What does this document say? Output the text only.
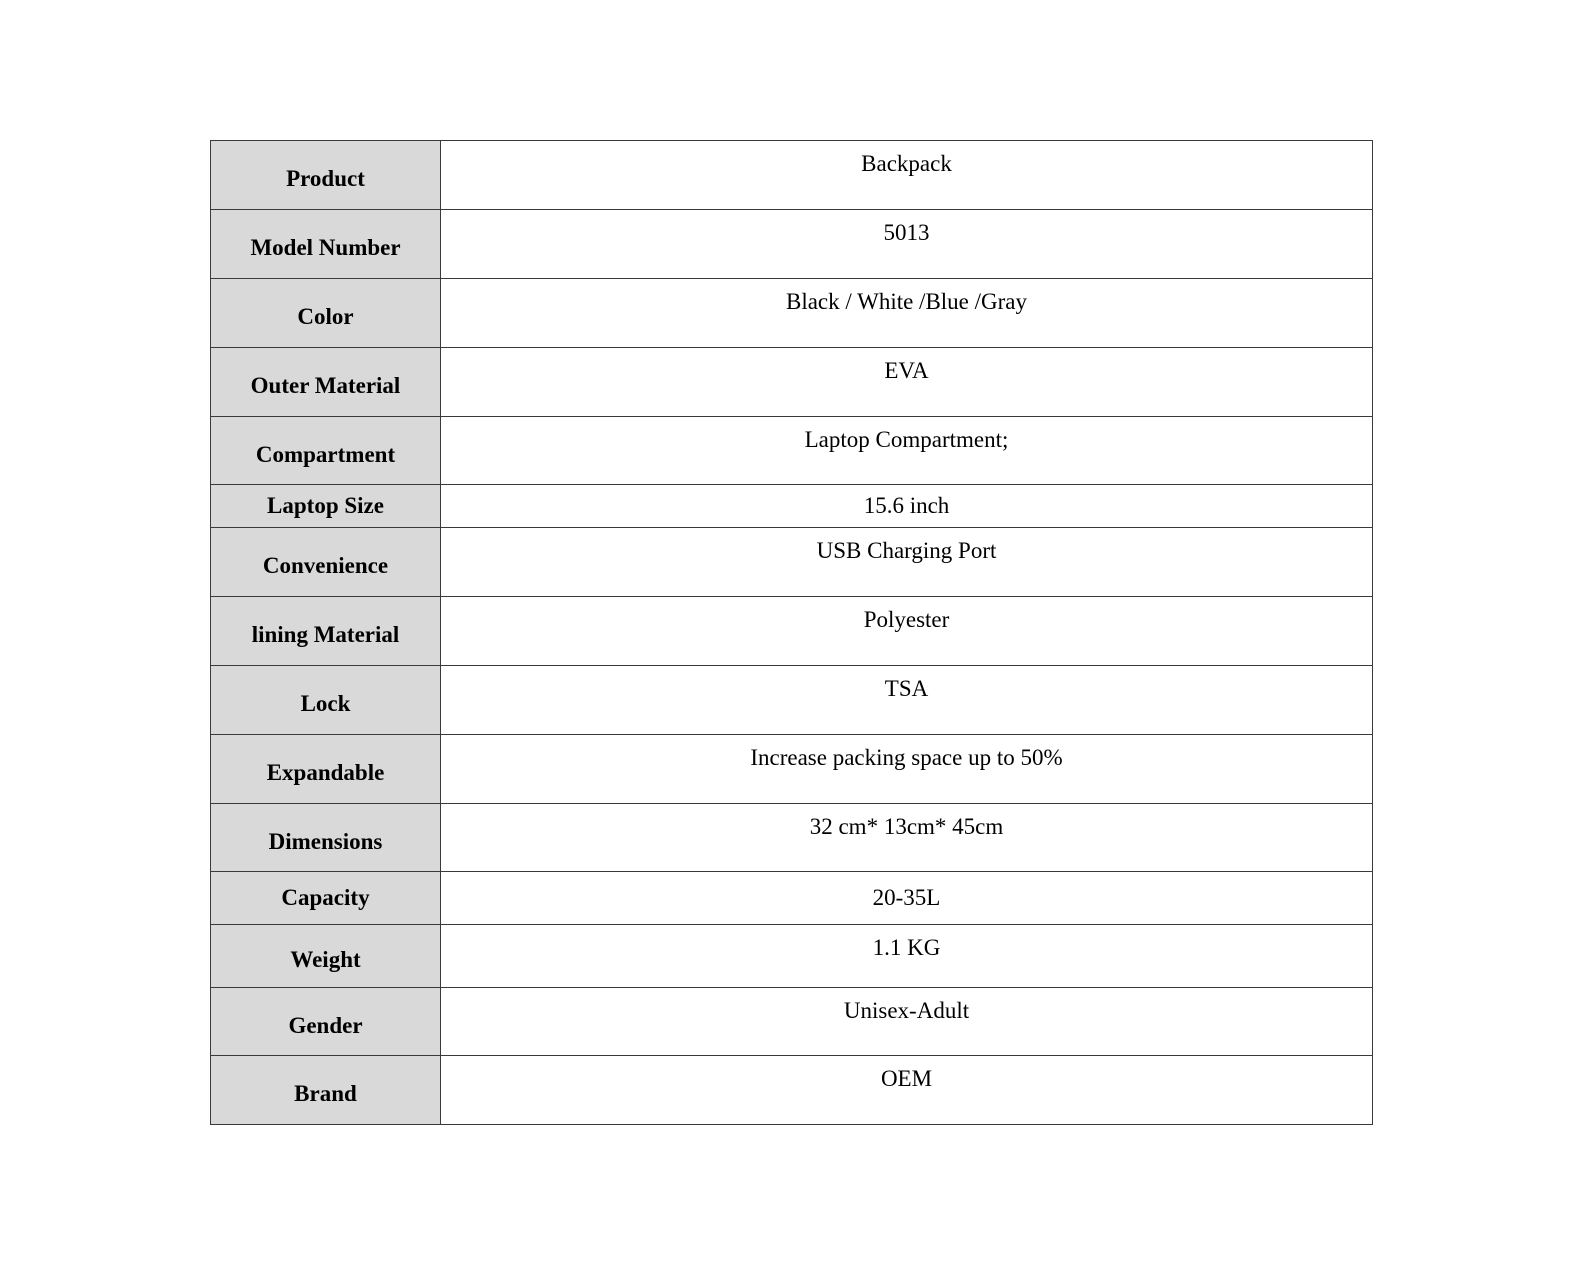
Product	Backpack
Model Number	5013
Color	Black / White /Blue /Gray
Outer Material	EVA
Compartment	Laptop Compartment;
Laptop Size	15.6 inch
Convenience	USB Charging Port
lining Material	Polyester
Lock	TSA
Expandable	Increase packing space up to 50%
Dimensions	32 cm* 13cm* 45cm
Capacity	20-35L
Weight	1.1 KG
Gender	Unisex-Adult
Brand	OEM
